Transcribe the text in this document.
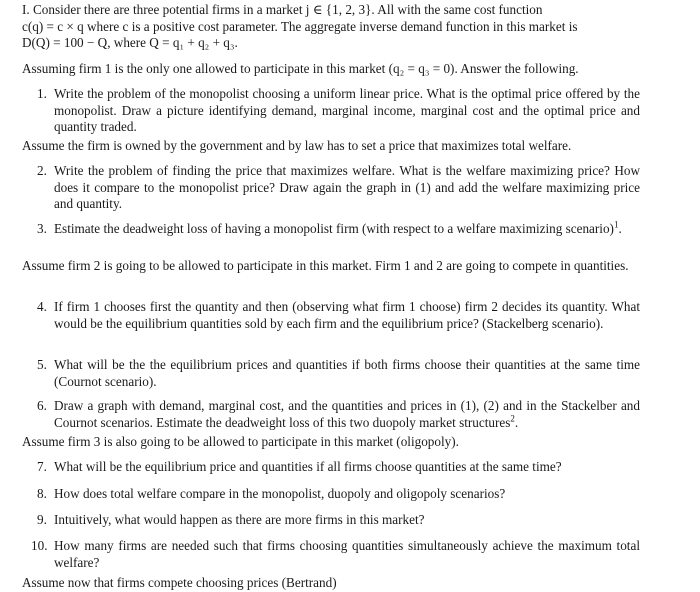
I. Consider there are three potential firms in a market j ∈ {1, 2, 3}. All with the same cost function
c(q) = c × q where c is a positive cost parameter. The aggregate inverse demand function in this market is
D(Q) = 100 − Q, where Q = q₁ + q₂ + q₃.

Assuming firm 1 is the only one allowed to participate in this market (q₂ = q₃ = 0). Answer the following.

1. Write the problem of the monopolist choosing a uniform linear price. What is the optimal price offered by the monopolist. Draw a picture identifying demand, marginal income, marginal cost and the optimal price and quantity traded.

Assume the firm is owned by the government and by law has to set a price that maximizes total welfare.

2. Write the problem of finding the price that maximizes welfare. What is the welfare maximizing price? How does it compare to the monopolist price? Draw again the graph in (1) and add the welfare maximizing price and quantity.
3. Estimate the deadweight loss of having a monopolist firm (with respect to a welfare maximizing scenario)$^1$.

Assume firm 2 is going to be allowed to participate in this market. Firm 1 and 2 are going to compete in quantities.

4. If firm 1 chooses first the quantity and then (observing what firm 1 choose) firm 2 decides its quantity. What would be the equilibrium quantities sold by each firm and the equilibrium price? (Stackelberg scenario).
5. What will be the the equilibrium prices and quantities if both firms choose their quantities at the same time (Cournot scenario).
6. Draw a graph with demand, marginal cost, and the quantities and prices in (1), (2) and in the Stackelber and Cournot scenarios. Estimate the deadweight loss of this two duopoly market structures$^2$.

Assume firm 3 is also going to be allowed to participate in this market (oligopoly).

7. What will be the equilibrium price and quantities if all firms choose quantities at the same time?
8. How does total welfare compare in the monopolist, duopoly and oligopoly scenarios?
9. Intuitively, what would happen as there are more firms in this market?
10. How many firms are needed such that firms choosing quantities simultaneously achieve the maximum total welfare?

Assume now that firms compete choosing prices (Bertrand)
